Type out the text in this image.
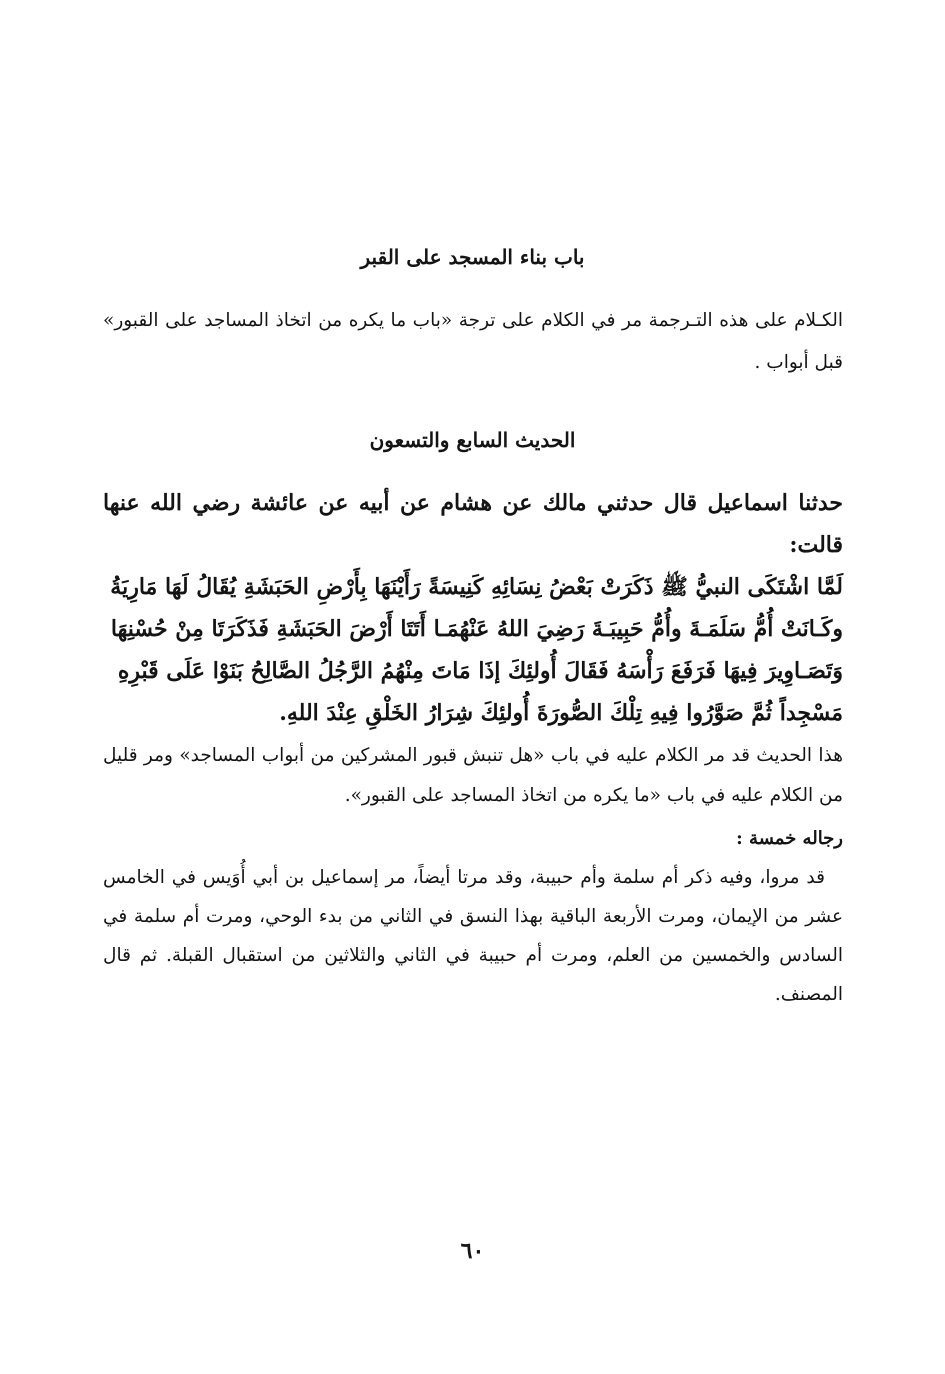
باب بناء المسجد على القبر

الكـلام على هذه التـرجمة مر في الكلام على ترجة «باب ما يكره من اتخاذ المساجد على القبور» قبل أبواب .

الحديث السابع والتسعون
حدثنا اسماعيل قال حدثني مالك عن هشام عن أبيه عن عائشة رضي الله عنها قالت:
لَمَّا اشْتَكَى النبيُّ ﷺ ذَكَرَتْ بَعْضُ نِسَائِهِ كَنِيسَةً رَأَيْنَهَا بِأَرْضِ الحَبَشَةِ يُقَالُ لَهَا مَارِيَةُ
وكَـانَتْ أُمُّ سَلَمَـةَ وأُمُّ حَبِيبَـةَ رَضِيَ اللهُ عَنْهُمَـا أَتَتَا أَرْضَ الحَبَشَةِ فَذَكَرَتَا مِنْ حُسْنِهَا
وَتَصَـاوِيرَ فِيهَا فَرَفَعَ رَأْسَهُ فَقَالَ أُولئِكَ إذَا مَاتَ مِنْهُمُ الرَّجُلُ الصَّالِحُ بَنَوْا عَلَى قَبْرِهِ
مَسْجِداً ثُمَّ صَوَّرُوا فِيهِ تِلْكَ الصُّورَةَ أُولئِكَ شِرَارُ الخَلْقِ عِنْدَ اللهِ.

هذا الحديث قد مر الكلام عليه في باب «هل تنبش قبور المشركين من أبواب المساجد» ومر قليل من الكلام عليه في باب «ما يكره من اتخاذ المساجد على القبور».

رجاله خمسة :

قد مروا، وفيه ذكر أم سلمة وأم حبيبة، وقد مرتا أيضاً، مر إسماعيل بن أبي أُوَيس في الخامس عشر من الإيمان، ومرت الأربعة الباقية بهذا النسق في الثاني من بدء الوحي، ومرت أم سلمة في السادس والخمسين من العلم، ومرت أم حبيبة في الثاني والثلاثين من استقبال القبلة. ثم قال المصنف.

٦٠
